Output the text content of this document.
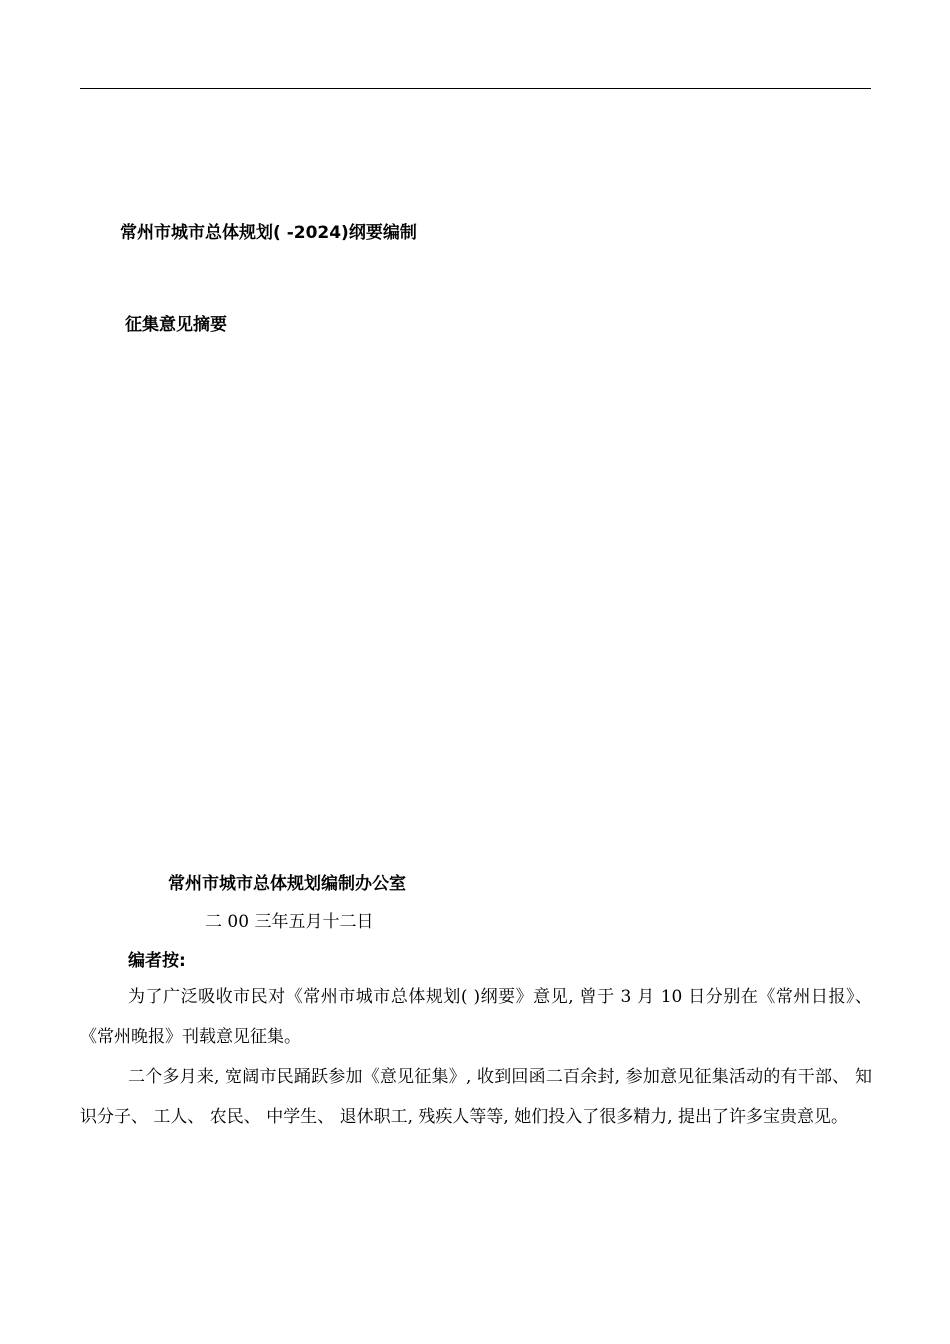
常州市城市总体规划( -2024)纲要编制
征集意见摘要
常州市城市总体规划编制办公室
二 00 三年五月十二日
编者按:

为了广泛吸收市民对《常州市城市总体规划( )纲要》意见, 曾于 3 月 10 日分别在《常州日报》、 《常州晚报》刊载意见征集。

二个多月来, 宽阔市民踊跃参加《意见征集》, 收到回函二百余封, 参加意见征集活动的有干部、 知识分子、 工人、 农民、 中学生、 退休职工, 残疾人等等, 她们投入了很多精力, 提出了许多宝贵意见。
